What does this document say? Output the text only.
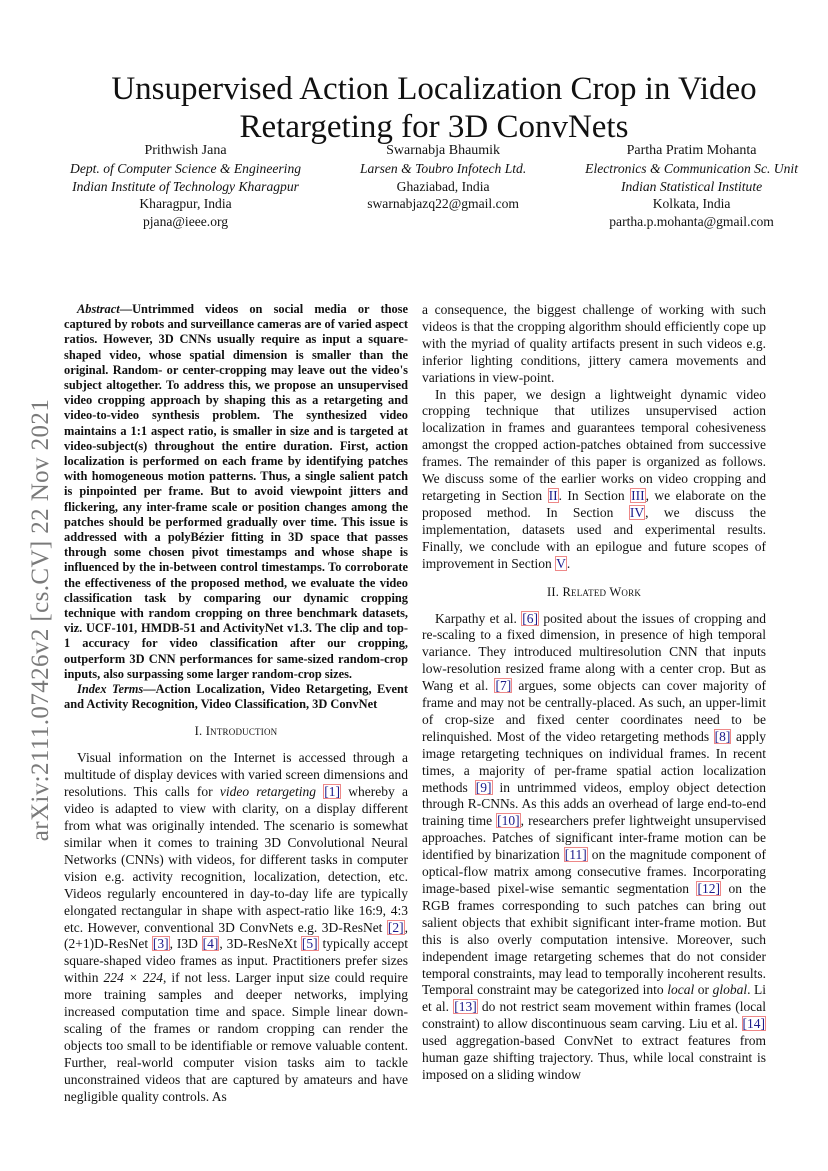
arXiv:2111.07426v2 [cs.CV] 22 Nov 2021
Unsupervised Action Localization Crop in Video Retargeting for 3D ConvNets
Prithwish Jana
Dept. of Computer Science & Engineering
Indian Institute of Technology Kharagpur
Kharagpur, India
pjana@ieee.org
Swarnabja Bhaumik
Larsen & Toubro Infotech Ltd.
Ghaziabad, India
swarnabjazq22@gmail.com
Partha Pratim Mohanta
Electronics & Communication Sc. Unit
Indian Statistical Institute
Kolkata, India
partha.p.mohanta@gmail.com

Abstract—Untrimmed videos on social media or those captured by robots and surveillance cameras are of varied aspect ratios. However, 3D CNNs usually require as input a square-shaped video, whose spatial dimension is smaller than the original. Random- or center-cropping may leave out the video's subject altogether. To address this, we propose an unsupervised video cropping approach by shaping this as a retargeting and video-to-video synthesis problem. The synthesized video maintains a 1:1 aspect ratio, is smaller in size and is targeted at video-subject(s) throughout the entire duration. First, action localization is performed on each frame by identifying patches with homogeneous motion patterns. Thus, a single salient patch is pinpointed per frame. But to avoid viewpoint jitters and flickering, any inter-frame scale or position changes among the patches should be performed gradually over time. This issue is addressed with a polyBézier fitting in 3D space that passes through some chosen pivot timestamps and whose shape is influenced by the in-between control timestamps. To corroborate the effectiveness of the proposed method, we evaluate the video classification task by comparing our dynamic cropping technique with random cropping on three benchmark datasets, viz. UCF-101, HMDB-51 and ActivityNet v1.3. The clip and top-1 accuracy for video classification after our cropping, outperform 3D CNN performances for same-sized random-crop inputs, also surpassing some larger random-crop sizes.

Index Terms—Action Localization, Video Retargeting, Event and Activity Recognition, Video Classification, 3D ConvNet

I. Introduction

Visual information on the Internet is accessed through a multitude of display devices with varied screen dimensions and resolutions. This calls for video retargeting [1] whereby a video is adapted to view with clarity, on a display different from what was originally intended. The scenario is somewhat similar when it comes to training 3D Convolutional Neural Networks (CNNs) with videos, for different tasks in computer vision e.g. activity recognition, localization, detection, etc. Videos regularly encountered in day-to-day life are typically elongated rectangular in shape with aspect-ratio like 16:9, 4:3 etc. However, conventional 3D ConvNets e.g. 3D-ResNet [2], (2+1)D-ResNet [3], I3D [4], 3D-ResNeXt [5] typically accept square-shaped video frames as input. Practitioners prefer sizes within 224 × 224, if not less. Larger input size could require more training samples and deeper networks, implying increased computation time and space. Simple linear down-scaling of the frames or random cropping can render the objects too small to be identifiable or remove valuable content. Further, real-world computer vision tasks aim to tackle unconstrained videos that are captured by amateurs and have negligible quality controls. As

a consequence, the biggest challenge of working with such videos is that the cropping algorithm should efficiently cope up with the myriad of quality artifacts present in such videos e.g. inferior lighting conditions, jittery camera movements and variations in view-point.

In this paper, we design a lightweight dynamic video cropping technique that utilizes unsupervised action localization in frames and guarantees temporal cohesiveness amongst the cropped action-patches obtained from successive frames. The remainder of this paper is organized as follows. We discuss some of the earlier works on video cropping and retargeting in Section II. In Section III, we elaborate on the proposed method. In Section IV, we discuss the implementation, datasets used and experimental results. Finally, we conclude with an epilogue and future scopes of improvement in Section V.

II. Related Work

Karpathy et al. [6] posited about the issues of cropping and re-scaling to a fixed dimension, in presence of high temporal variance. They introduced multiresolution CNN that inputs low-resolution resized frame along with a center crop. But as Wang et al. [7] argues, some objects can cover majority of frame and may not be centrally-placed. As such, an upper-limit of crop-size and fixed center coordinates need to be relinquished. Most of the video retargeting methods [8] apply image retargeting techniques on individual frames. In recent times, a majority of per-frame spatial action localization methods [9] in untrimmed videos, employ object detection through R-CNNs. As this adds an overhead of large end-to-end training time [10], researchers prefer lightweight unsupervised approaches. Patches of significant inter-frame motion can be identified by binarization [11] on the magnitude component of optical-flow matrix among consecutive frames. Incorporating image-based pixel-wise semantic segmentation [12] on the RGB frames corresponding to such patches can bring out salient objects that exhibit significant inter-frame motion. But this is also overly computation intensive. Moreover, such independent image retargeting schemes that do not consider temporal constraints, may lead to temporally incoherent results. Temporal constraint may be categorized into local or global. Li et al. [13] do not restrict seam movement within frames (local constraint) to allow discontinuous seam carving. Liu et al. [14] used aggregation-based ConvNet to extract features from human gaze shifting trajectory. Thus, while local constraint is imposed on a sliding window
